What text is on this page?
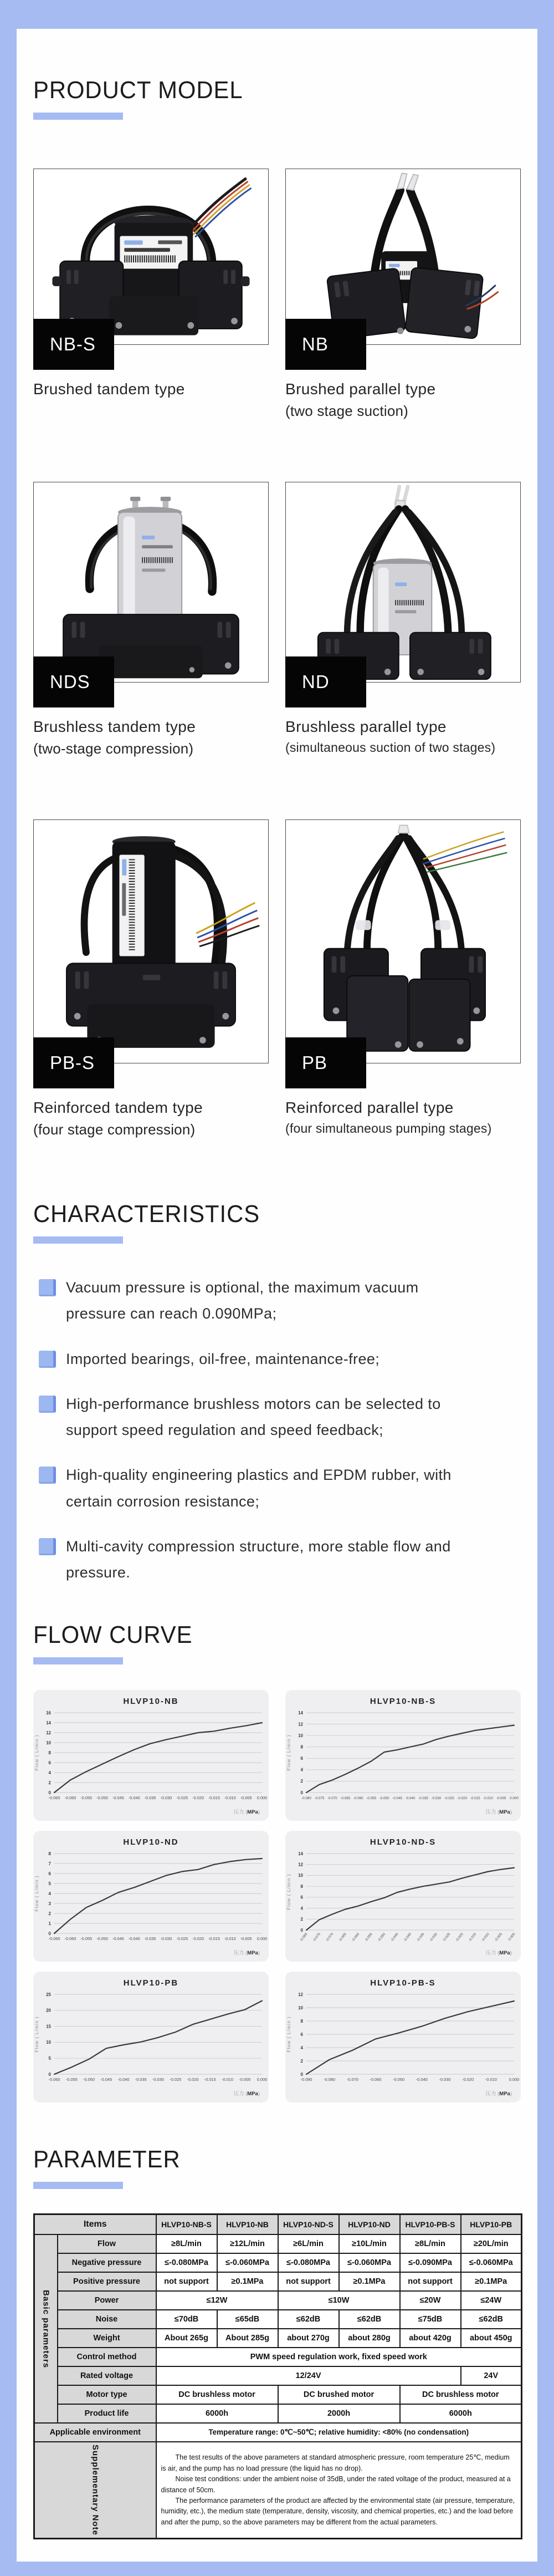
PRODUCT MODEL
NB-S
Brushed tandem type
NB
Brushed parallel type
(two stage suction)
NDS
Brushless tandem type
(two-stage compression)
ND
Brushless parallel type
(simultaneous suction of two stages)
PB-S
Reinforced tandem type
(four stage compression)
PB
Reinforced parallel type
(four simultaneous pumping stages)
CHARACTERISTICS
Vacuum pressure is optional, the maximum vacuum pressure can reach 0.090MPa;
Imported bearings, oil-free, maintenance-free;
High-performance brushless motors can be selected to support speed regulation and speed feedback;
High-quality engineering plastics and EPDM rubber, with certain corrosion resistance;
Multi-cavity compression structure, more stable flow and pressure.
FLOW CURVE
HLVP10-NB
0
2
4
6
8
10
12
14
16
-0.065 -0.060 -0.055 -0.050 -0.045 -0.040 -0.035 -0.030 -0.025 -0.020 -0.015 -0.010 -0.005 0.000
压力 (MPa)
Flow ( L/min )
HLVP10-NB-S
0
2
4
6
8
10
12
14
-0.080 -0.075 -0.070 -0.065 -0.060 -0.055 -0.050 -0.045 -0.040 -0.035 -0.030 -0.025 -0.020 -0.015 -0.010 -0.005 0.000
压力 (MPa)
Flow ( L/min )
HLVP10-ND
0
1
2
3
4
5
6
7
8
-0.065 -0.060 -0.055 -0.050 -0.045 -0.040 -0.035 -0.030 -0.025 -0.020 -0.015 -0.010 -0.005 0.000
压力 (MPa)
Flow ( L/min )
HLVP10-ND-S
0
2
4
6
8
10
12
14
-0.080 -0.075 -0.070 -0.065 -0.060 -0.055 -0.050 -0.045 -0.040 -0.035 -0.030 -0.025 -0.020 -0.015 -0.010 -0.005 0.000
压力 (MPa)
Flow ( L/min )
HLVP10-PB
0
5
10
15
20
25
-0.060 -0.055 -0.050 -0.045 -0.040 -0.035 -0.030 -0.025 -0.020 -0.015 -0.010 -0.005 0.000
压力 (MPa)
Flow ( L/min )
HLVP10-PB-S
0
2
4
6
8
10
12
-0.090	-0.080	-0.070	-0.060	-0.050	-0.040	-0.030	-0.020	-0.010	0.000
压力 (MPa)
Flow ( L/min )
PARAMETER
Items		HLVP10-NB-S	HLVP10-NB	HLVP10-ND-S	HLVP10-ND	HLVP10-PB-S	HLVP10-PB
Basic parameters	Flow	≥8L/min	≥12L/min	≥6L/min	≥10L/min	≥8L/min	≥20L/min
	Negative pressure	≤-0.080MPa	≤-0.060MPa	≤-0.080MPa	≤-0.060MPa	≤-0.090MPa	≤-0.060MPa
	Positive pressure	not support	≥0.1MPa	not support	≥0.1MPa	not support	≥0.1MPa
	Power	≤12W		≤10W		≤20W	≤24W
	Noise	≤70dB	≤65dB	≤62dB	≤62dB	≤75dB	≤62dB
	Weight	About 265g	About 285g	about 270g	about 280g	about 420g	about 450g
	Control method	PWM speed regulation work, fixed speed work					
	Rated voltage	12/24V					24V
	Motor type	DC brushless motor		DC brushed motor		DC brushless motor	
	Product life	6000h		2000h		6000h	
Applicable environment		Temperature range: 0℃~50℃; relative humidity: <80% (no condensation)					
Supplementary Note		The test results of the above parameters at standard atmospheric pressure, room temperature 25℃, medium is air, and the pump has no load pressure (the liquid has no drop).

Noise test conditions: under the ambient noise of 35dB, under the rated voltage of the product, measured at a distance of 50cm.

The performance parameters of the product are affected by the environmental state (air pressure, temperature, humidity, etc.), the medium state (temperature, density, viscosity, and chemical properties, etc.) and the load before and after the pump, so the above parameters may be different from the actual parameters.					
